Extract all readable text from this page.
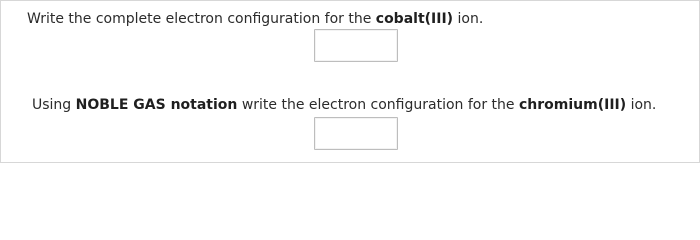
Write the complete electron configuration for the cobalt(III) ion.

Using NOBLE GAS notation write the electron configuration for the chromium(III) ion.
